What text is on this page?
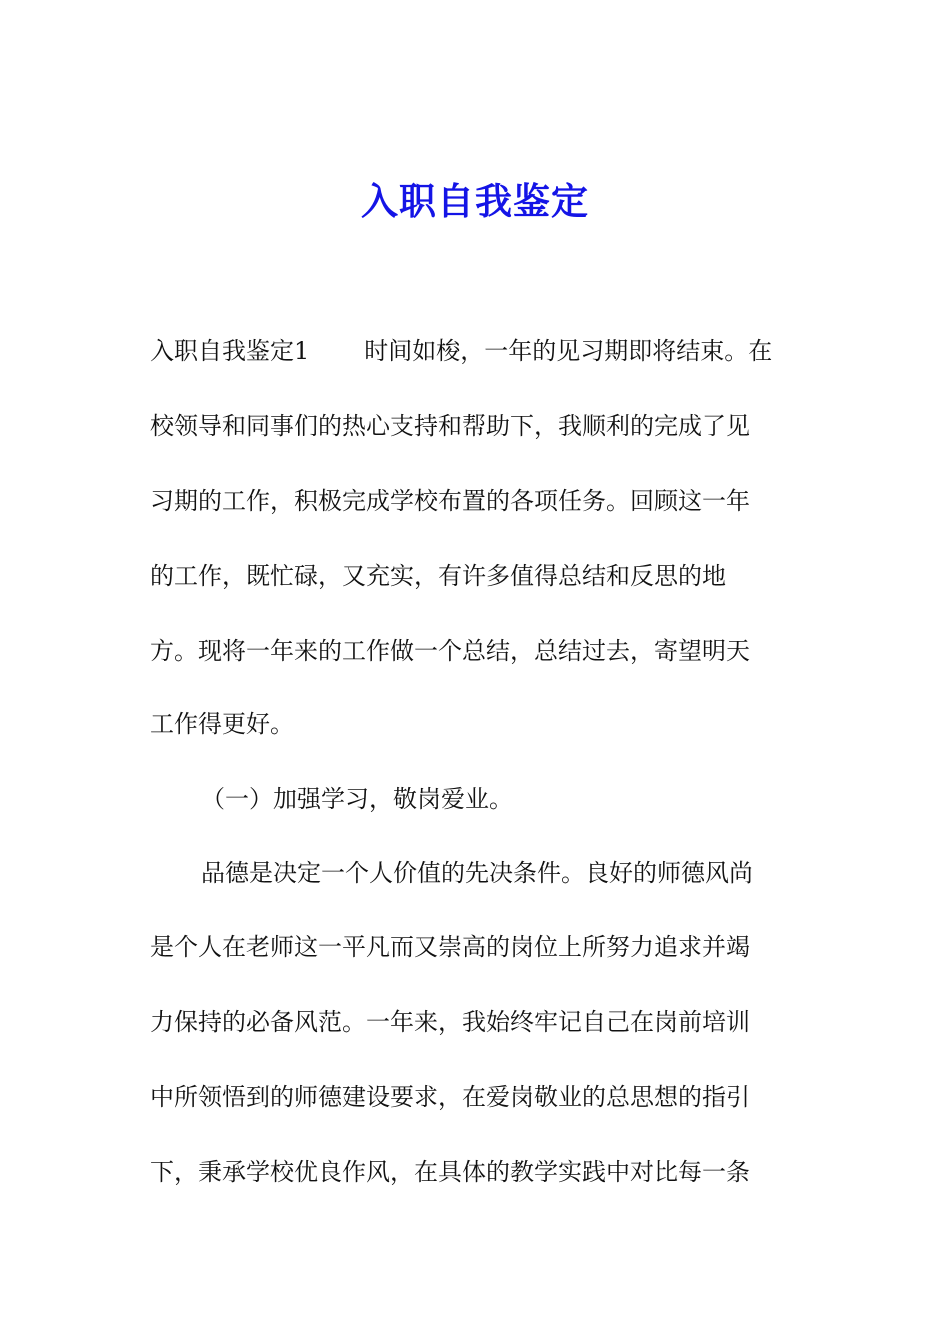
入职自我鉴定
入职自我鉴定1 时间如梭，一年的见习期即将结束。在
校领导和同事们的热心支持和帮助下，我顺利的完成了见
习期的工作，积极完成学校布置的各项任务。回顾这一年
的工作，既忙碌，又充实，有许多值得总结和反思的地
方。现将一年来的工作做一个总结，总结过去，寄望明天
工作得更好。
（一）加强学习，敬岗爱业。
品德是决定一个人价值的先决条件。良好的师德风尚
是个人在老师这一平凡而又崇高的岗位上所努力追求并竭
力保持的必备风范。一年来，我始终牢记自己在岗前培训
中所领悟到的师德建设要求，在爱岗敬业的总思想的指引
下，秉承学校优良作风，在具体的教学实践中对比每一条
